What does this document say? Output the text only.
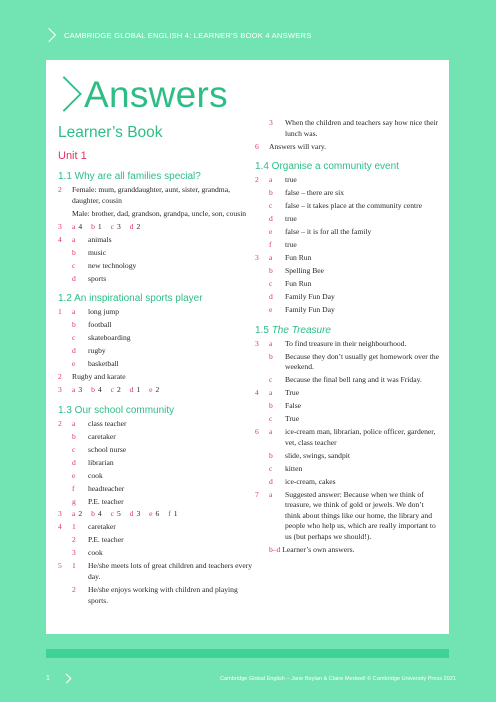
CAMBRIDGE GLOBAL ENGLISH 4: LEARNER'S BOOK 4 ANSWERS
Answers
Learner’s Book
Unit 1
1.1 Why are all families special?
2	Female: mum, granddaughter, aunt, sister, grandma, daughter, cousin
Male: brother, dad, grandson, grandpa, uncle, son, cousin
3	a 4 b 1 c 3 d 2
4	a	animals
b	music
c	new technology
d	sports
1.2 An inspirational sports player
1	a	long jump
b	football
c	skateboarding
d	rugby
e	basketball
2	Rugby and karate
3	a 3 b 4 c 2 d 1 e 2
1.3 Our school community
2	a	class teacher
b	caretaker
c	school nurse
d	librarian
e	cook
f	headteacher
g	P.E. teacher
3	a 2 b 4 c 5 d 3 e 6 f 1
4	1	caretaker
2	P.E. teacher
3	cook
5	1	He/she meets lots of great children and teachers every day.
2	He/she enjoys working with children and playing sports.
3	When the children and teachers say how nice their lunch was.
6	Answers will vary.
1.4 Organise a community event
2	a	true
b	false – there are six
c	false – it takes place at the community centre
d	true
e	false – it is for all the family
f	true
3	a	Fun Run
b	Spelling Bee
c	Fun Run
d	Family Fun Day
e	Family Fun Day
1.5 The Treasure
3	a	To find treasure in their neighbourhood.
b	Because they don’t usually get homework over the weekend.
c	Because the final bell rang and it was Friday.
4	a	True
b	False
c	True
6	a	ice-cream man, librarian, police officer, gardener, vet, class teacher
b	slide, swings, sandpit
c	kitten
d	ice-cream, cakes
7	a	Suggested answer: Because when we think of treasure, we think of gold or jewels. We don’t think about things like our home, the library and people who help us, which are really important to us (but perhaps we should!).
b–d Learner’s own answers.
1	Cambridge Global English – Jane Boylan & Claire Medwell © Cambridge University Press 2021
